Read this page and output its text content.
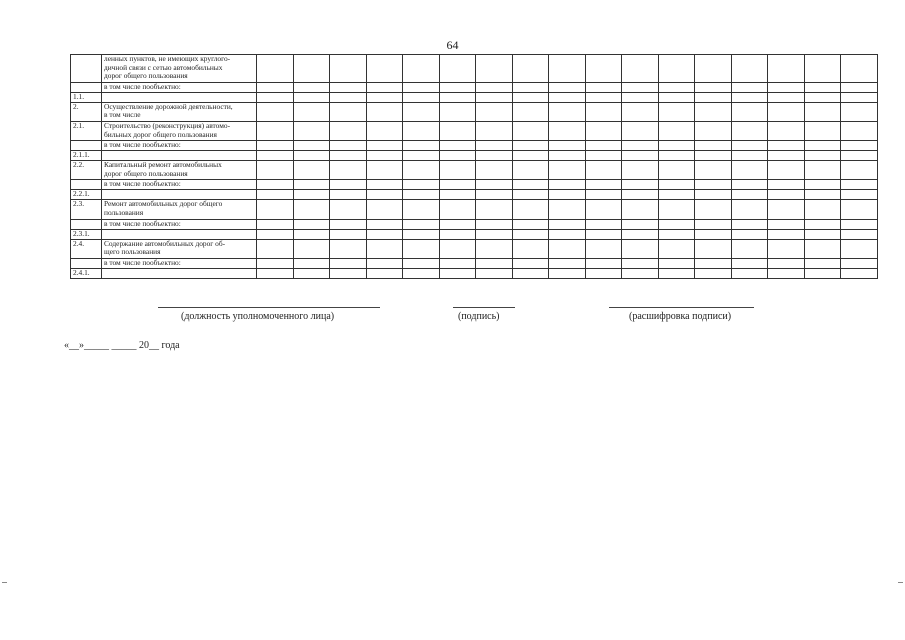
64

	ленных пунктов, не имеющих круглого-
дичной связи с сетью автомобильных
дорог общего пользования																	

	в том числе пообъектно:																	

1.1.	

2.	Осуществление дорожной деятельности,
в том числе																	

2.1.	Строительство (реконструкция) автомо-
бильных дорог общего пользования																	

	в том числе пообъектно:																	

2.1.1.	

2.2.	Капитальный ремонт автомобильных
дорог общего пользования																	

	в том числе пообъектно:																	

2.2.1.	

2.3.	Ремонт автомобильных дорог общего
пользования																	

	в том числе пообъектно:																	

2.3.1.	

2.4.	Содержание автомобильных дорог об-
щего пользования																	

	в том числе пообъектно:																	

2.4.1.	

(должность уполномоченного лица)	(подпись)	(расшифровка подписи)
«__»_____ _____ 20__ года
